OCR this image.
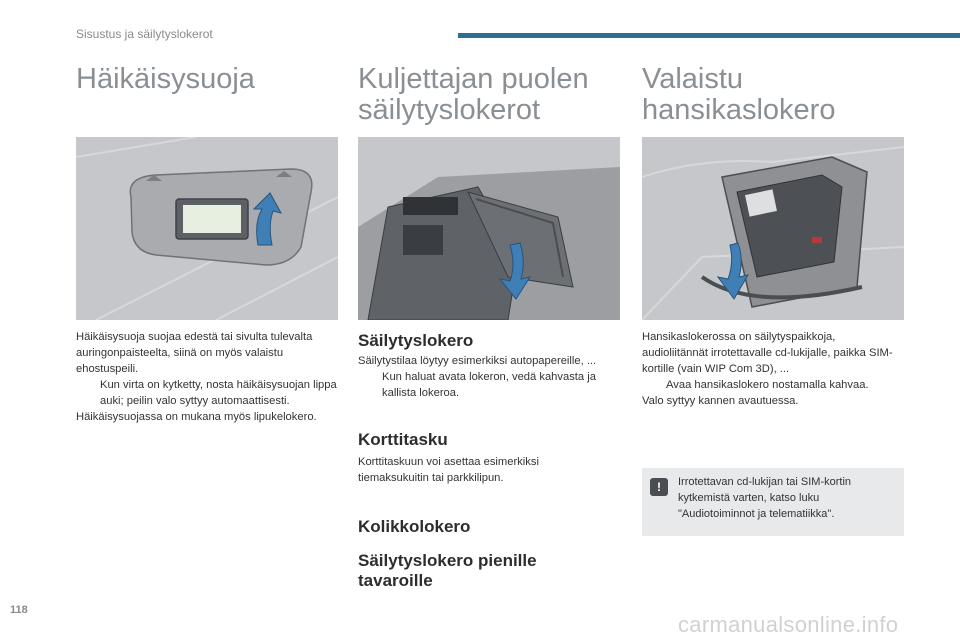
Sisustus ja säilytyslokerot
Häikäisysuoja

Häikäisysuoja suojaa edestä tai sivulta tulevalta auringonpaisteelta, siinä on myös valaistu ehostuspeili.

Kun virta on kytketty, nosta häikäisysuojan lippa auki; peilin valo syttyy automaattisesti.

Häikäisysuojassa on mukana myös lipukelokero.

Kuljettajan puolen
säilytyslokerot
Säilytyslokero

Säilytystilaa löytyy esimerkiksi autopapereille, ...

Kun haluat avata lokeron, vedä kahvasta ja kallista lokeroa.
Korttitasku

Korttitaskuun voi asettaa esimerkiksi tiemaksukuitin tai parkkilipun.

Kolikkolokero
Säilytyslokero pienille
tavaroille
Valaistu
hansikaslokero

Hansikaslokerossa on säilytyspaikkoja, audioliitännät irrotettavalle cd-lukijalle, paikka SIM-kortille (vain WIP Com 3D), ...

Avaa hansikaslokero nostamalla kahvaa.

Valo syttyy kannen avautuessa.

!	Irrotettavan cd-lukijan tai SIM-kortin kytkemistä varten, katso luku "Audiotoiminnot ja telematiikka".
118
carmanualsonline.info
